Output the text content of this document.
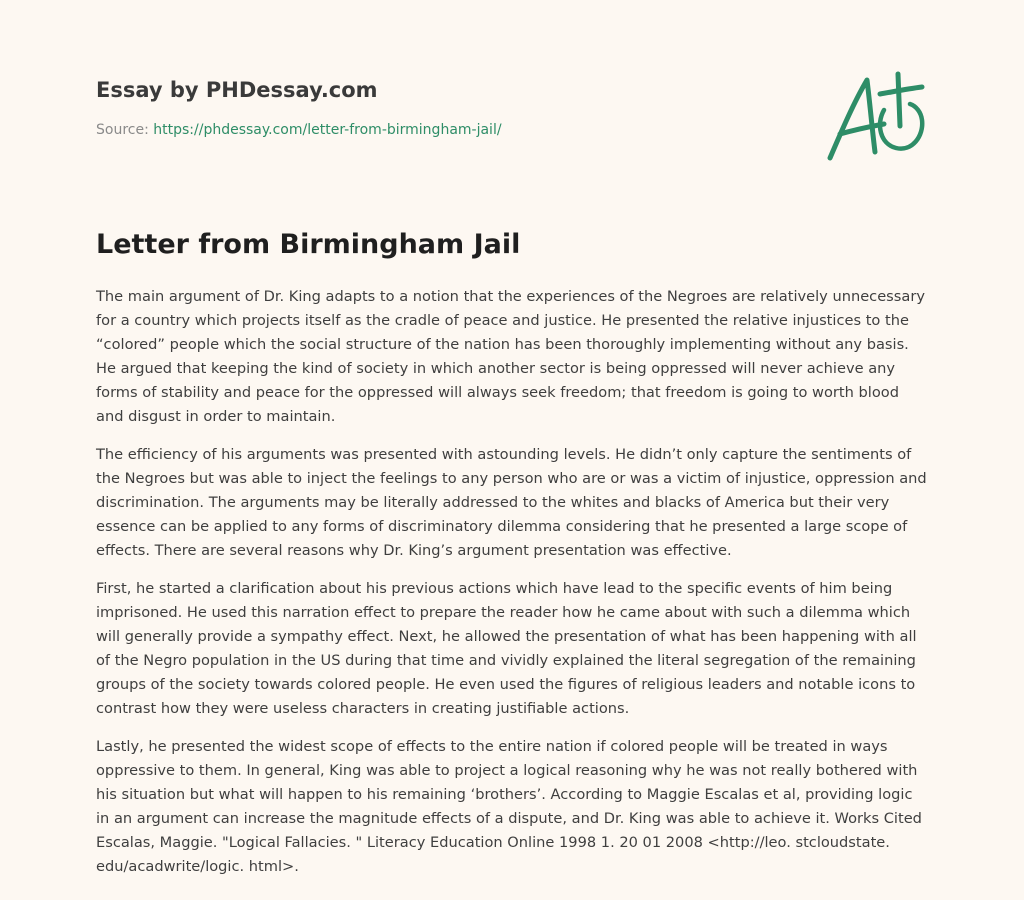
Essay by PHDessay.com
Source: https://phdessay.com/letter-from-birmingham-jail/
Letter from Birmingham Jail

The main argument of Dr. King adapts to a notion that the experiences of the Negroes are relatively unnecessary for a country which projects itself as the cradle of peace and justice. He presented the relative injustices to the “colored” people which the social structure of the nation has been thoroughly implementing without any basis. He argued that keeping the kind of society in which another sector is being oppressed will never achieve any forms of stability and peace for the oppressed will always seek freedom; that freedom is going to worth blood and disgust in order to maintain.

The efficiency of his arguments was presented with astounding levels. He didn’t only capture the sentiments of the Negroes but was able to inject the feelings to any person who are or was a victim of injustice, oppression and discrimination. The arguments may be literally addressed to the whites and blacks of America but their very essence can be applied to any forms of discriminatory dilemma considering that he presented a large scope of effects. There are several reasons why Dr. King’s argument presentation was effective.

First, he started a clarification about his previous actions which have lead to the specific events of him being imprisoned. He used this narration effect to prepare the reader how he came about with such a dilemma which will generally provide a sympathy effect. Next, he allowed the presentation of what has been happening with all of the Negro population in the US during that time and vividly explained the literal segregation of the remaining groups of the society towards colored people. He even used the figures of religious leaders and notable icons to contrast how they were useless characters in creating justifiable actions.

Lastly, he presented the widest scope of effects to the entire nation if colored people will be treated in ways oppressive to them. In general, King was able to project a logical reasoning why he was not really bothered with his situation but what will happen to his remaining ‘brothers’. According to Maggie Escalas et al, providing logic in an argument can increase the magnitude effects of a dispute, and Dr. King was able to achieve it. Works Cited Escalas, Maggie. "Logical Fallacies. " Literacy Education Online 1998 1. 20 01 2008 <http://leo. stcloudstate. edu/acadwrite/logic. html>.
